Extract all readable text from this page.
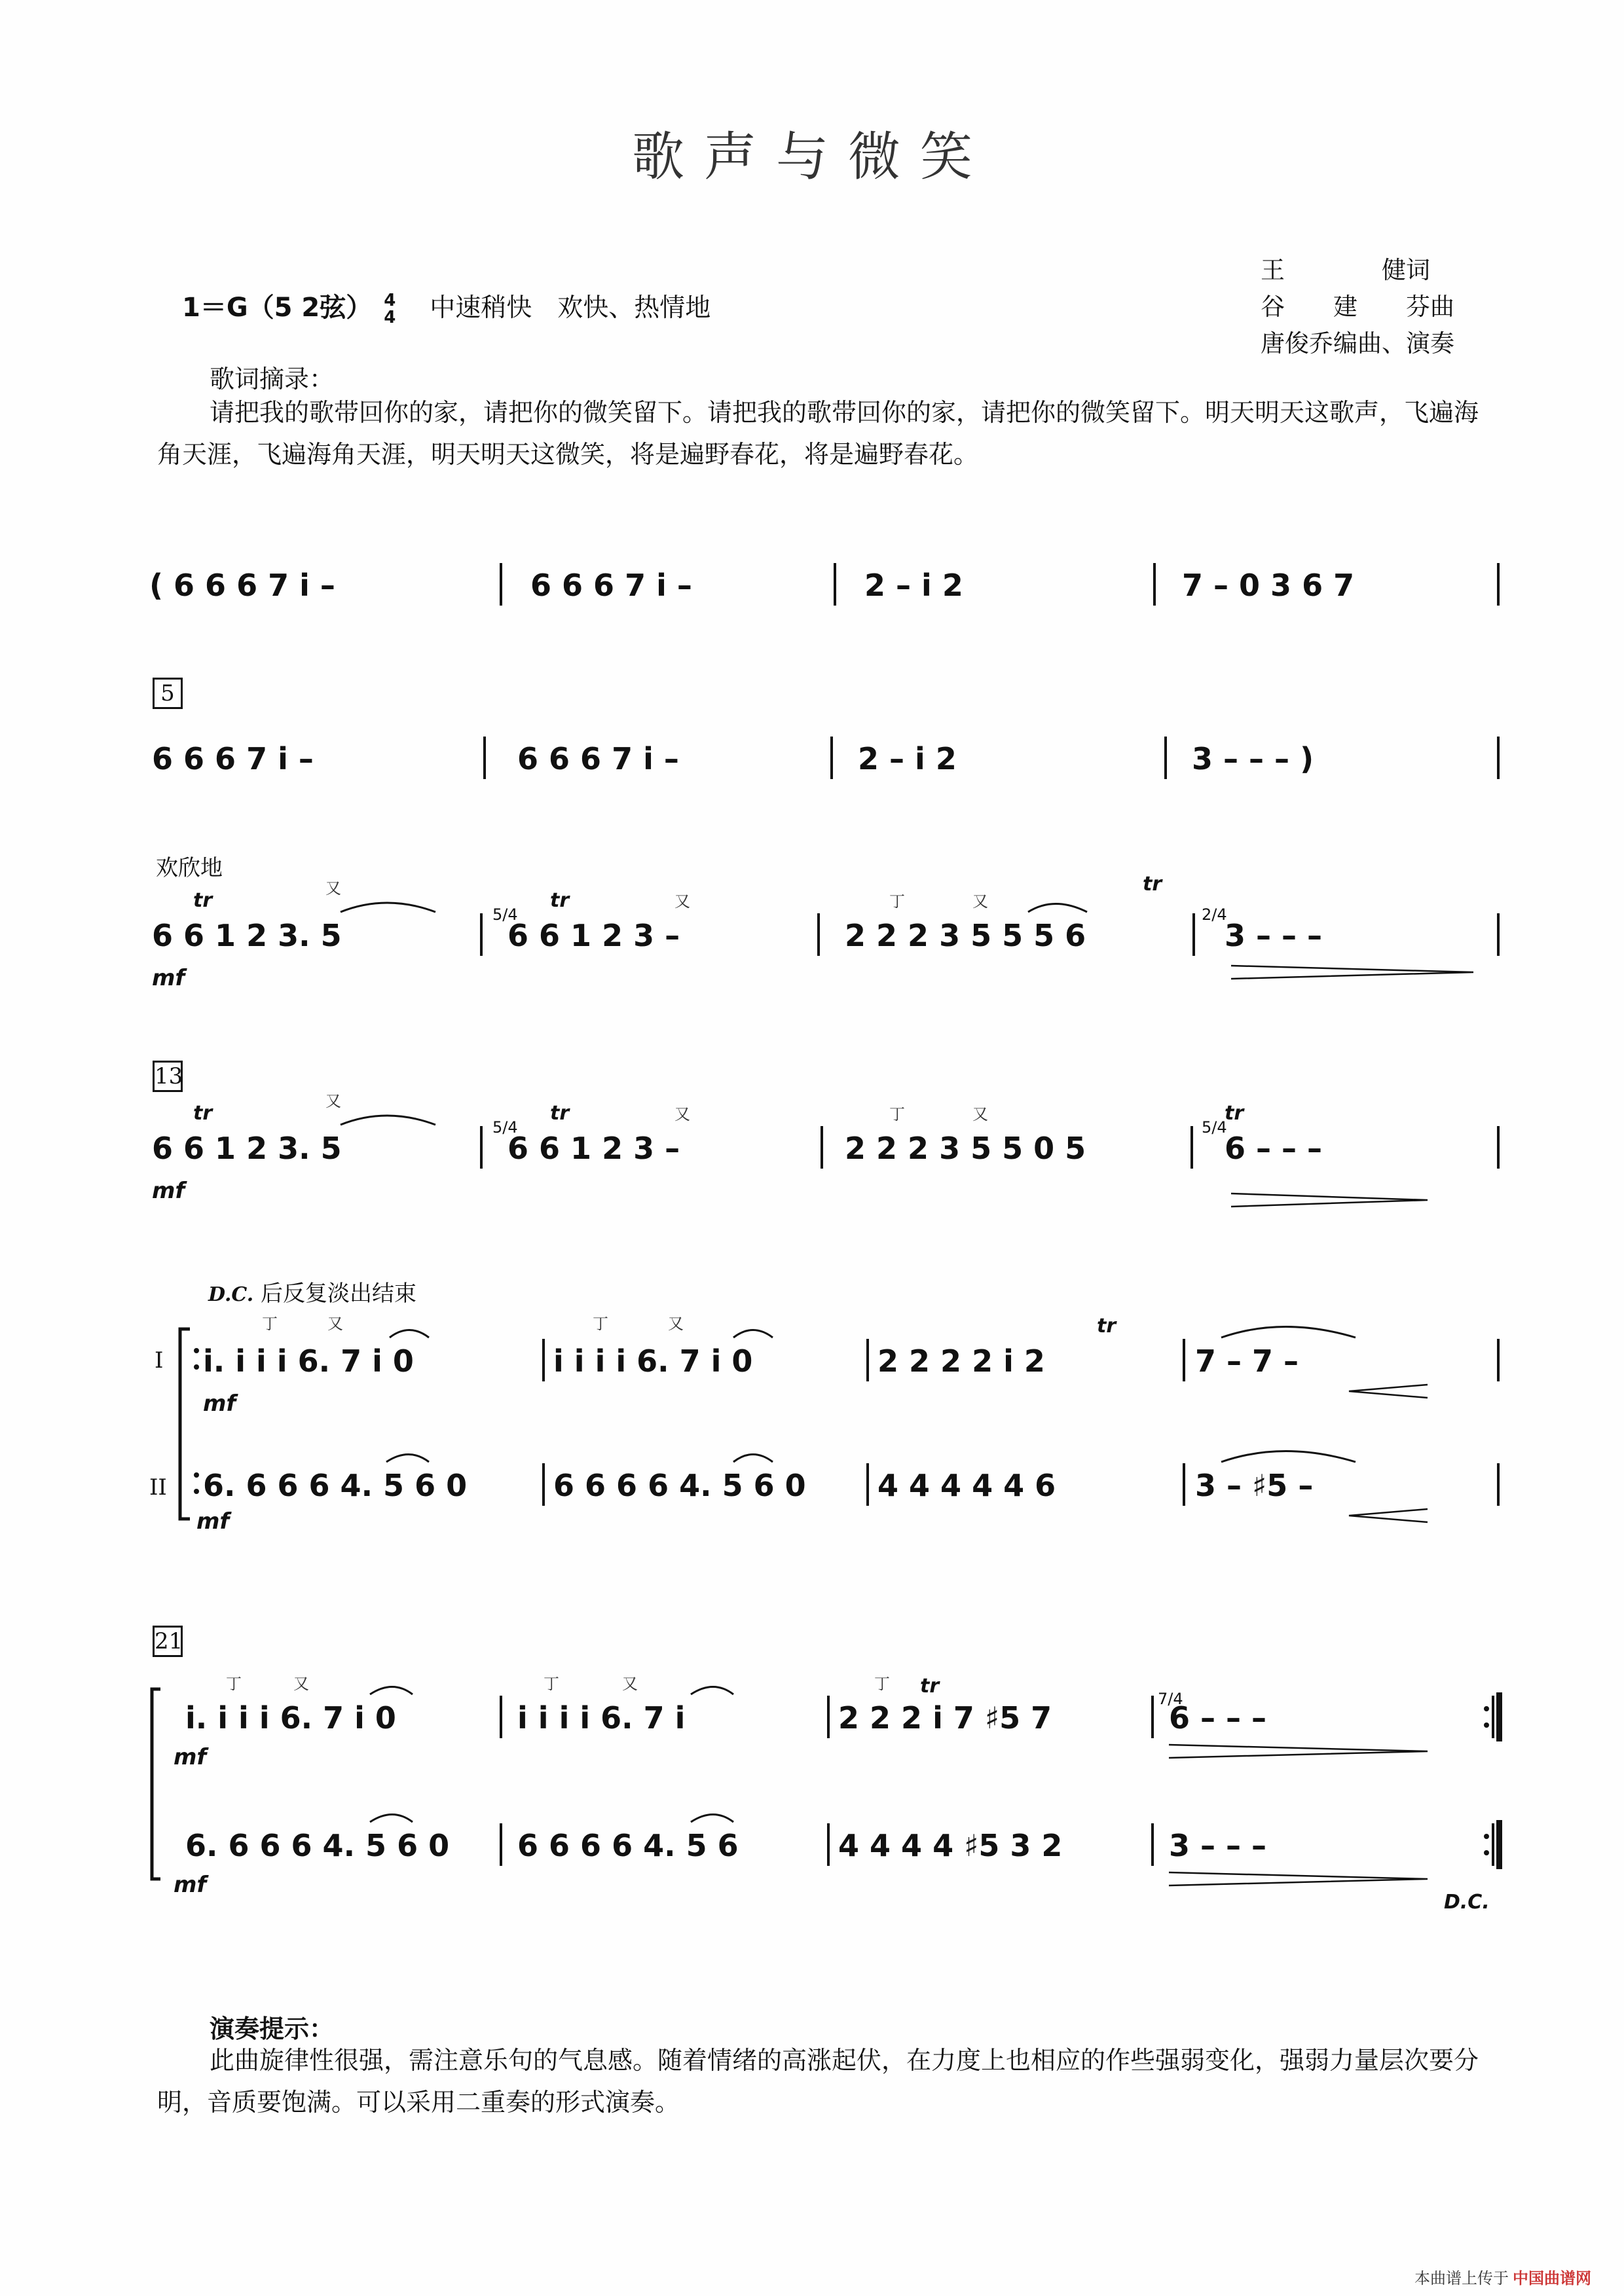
歌声与微笑
王　　　　健词
谷　　建　　芬曲
唐俊乔编曲、演奏
1＝G（5 2弦） 4
4 中速稍快　欢快、热情地
歌词摘录：
请把我的歌带回你的家，请把你的微笑留下。请把我的歌带回你的家，请把你的微笑留下。明天明天这歌声，飞遍海角天涯，飞遍海角天涯，明天明天这微笑，将是遍野春花，将是遍野春花。
5
13
21
欢欣地
D.C. 后反复淡出结束
I
II
( 6 6 6 7 i –	6 6 6 7 i –	2 – i 2	7 – 0 3 6 7
6 6 6 7 i –	6 6 6 7 i –	2 – i 2	3 – – – )
6 6 1 2 3. 5	6 6 1 2 3 –	2 2 2 3 5 5 5 6	3 – – –
6 6 1 2 3. 5	6 6 1 2 3 –	2 2 2 3 5 5 0 5	6 – – –
i. i i i 6. 7 i 0	i i i i 6. 7 i 0	2 2 2 2 i 2	7 – 7 –
6. 6 6 6 4. 5 6 0	6 6 6 6 4. 5 6 0 4 4 4 4 4 6	3 – ♯5 –
i. i i i 6. 7 i 0	i i i i 6. 7 i	2 2 2 i 7 ♯5 7	6 – – –
6. 6 6 6 4. 5 6 0 6 6 6 6 4. 5 6	4 4 4 4 ♯5 3 2	3 – – –
mf
mf
mf
mf
mf
mf
tr	tr
tr
tr	tr	tr
tr
tr
D.C.
又
又	丁	又
又
又	丁	又
丁	又	丁	又
丁	又	丁	又	丁
5/4	2/4
5/4	5/4
7/4
演奏提示：
此曲旋律性很强，需注意乐句的气息感。随着情绪的高涨起伏，在力度上也相应的作些强弱变化，强弱力量层次要分明，音质要饱满。可以采用二重奏的形式演奏。
本曲谱上传于 中国曲谱网
